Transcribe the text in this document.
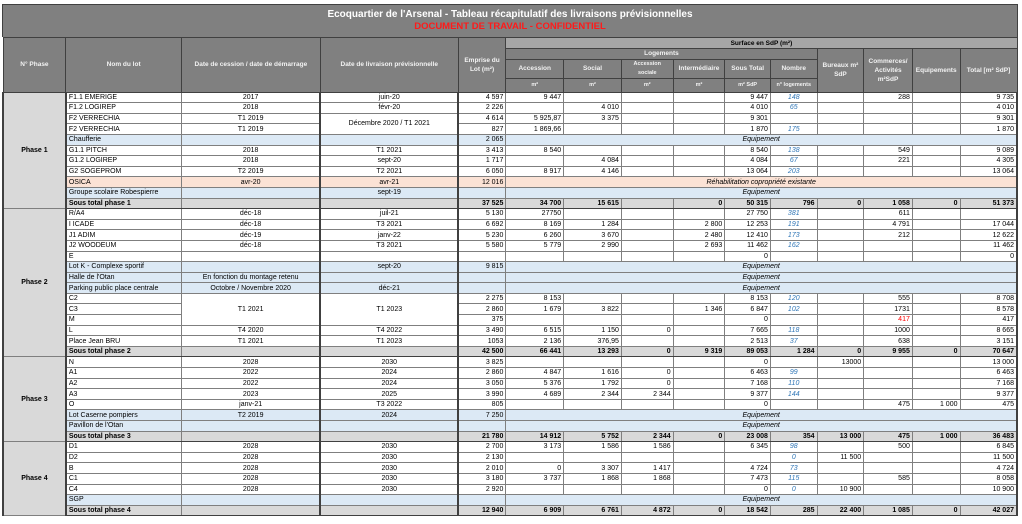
Ecoquartier de l'Arsenal - Tableau récapitulatif des livraisons prévisionnelles
DOCUMENT DE TRAVAIL - CONFIDENTIEL
N° Phase	Nom du lot	Date de cession / date de démarrage	Date de livraison prévisionnelle	Emprise du Lot (m²)	Surface en SdP (m²)									
					Logements						Bureaux m² SdP	Commerces/ Activités m²SdP	Equipements	Total [m² SdP]
					Accession	Social	Accession sociale	Intermédiaire	Sous Total	Nombre				
					m²	m²	m²	m²	m² SdP	n° logements				
Phase 1	F1.1 EMERIGE	2017	juin-20	4 597	9 447				9 447	148		288		9 735
	F1.2 LOGIREP	2018	févr-20	2 226		4 010			4 010	65				4 010
	F2 VERRECHIA	T1 2019	Décembre 2020 / T1 2021	4 614	5 925,87	3 375			9 301					9 301
	F2 VERRECHIA	T1 2019		827	1 869,66				1 870	175				1 870
	Chaufferie			2 065	Equipement									
	G1.1 PITCH	2018	T1 2021	3 413	8 540				8 540	138		549		9 089
	G1.2 LOGIREP	2018	sept-20	1 717		4 084			4 084	67		221		4 305
	G2 SOGEPROM	T2 2019	T2 2021	6 050	8 917	4 146			13 064	203				13 064
	OSICA	avr-20	avr-21	12 016	Réhabilitation copropriété existante									
	Groupe scolaire Robespierre		sept-19		Equipement									
	Sous total phase 1			37 525	34 700	15 615		0	50 315	796	0	1 058	0	51 373
Phase 2	R/A4	déc-18	juil-21	5 130	27750				27 750	381		611		
	I ICADE	déc-18	T3 2021	6 692	8 169	1 284		2 800	12 253	191		4 791		17 044
	J1 ADIM	déc-19	janv-22	5 230	6 260	3 670		2 480	12 410	173		212		12 622
	J2 WOODEUM	déc-18	T3 2021	5 580	5 779	2 990		2 693	11 462	162				11 462
	E								0					0
	Lot K - Complexe sportif		sept-20	9 815	Equipement									
	Halle de l'Otan	En fonction du montage retenu			Equipement									
	Parking public place centrale	Octobre / Novembre 2020	déc-21		Equipement									
	C2	T1 2021	T1 2023	2 275	8 153				8 153	120		555		8 708
	C3			2 860	1 679	3 822		1 346	6 847	102		1731		8 578
	M			375					0			417		417
	L	T4 2020	T4 2022	3 490	6 515	1 150	0		7 665	118		1000		8 665
	Place Jean BRU	T1 2021	T1 2023	1053	2 136	376,95			2 513	37		638		3 151
	Sous total phase 2			42 500	66 441	13 293	0	9 319	89 053	1 284	0	9 955	0	70 647
Phase 3	N	2028	2030	3 825					0		13000			13 000
	A1	2022	2024	2 860	4 847	1 616	0		6 463	99				6 463
	A2	2022	2024	3 050	5 376	1 792	0		7 168	110				7 168
	A3	2023	2025	3 990	4 689	2 344	2 344		9 377	144				9 377
	O	janv-21	T3 2022	805					0			475	1 000	475
	Lot Caserne pompiers	T2 2019	2024	7 250	Equipement									
	Pavillon de l'Otan				Equipement									
	Sous total phase 3			21 780	14 912	5 752	2 344	0	23 008	354	13 000	475	1 000	36 483
Phase 4	D1	2028	2030	2 700	3 173	1 586	1 586		6 345	98		500		6 845
	D2	2028	2030	2 130						0	11 500			11 500
	B	2028	2030	2 010	0	3 307	1 417		4 724	73				4 724
	C1	2028	2030	3 180	3 737	1 868	1 868		7 473	115		585		8 058
	C4	2028	2030	2 920					0	0	10 900			10 900
	SGP				Equipement									
	Sous total phase 4			12 940	6 909	6 761	4 872	0	18 542	285	22 400	1 085	0	42 027
